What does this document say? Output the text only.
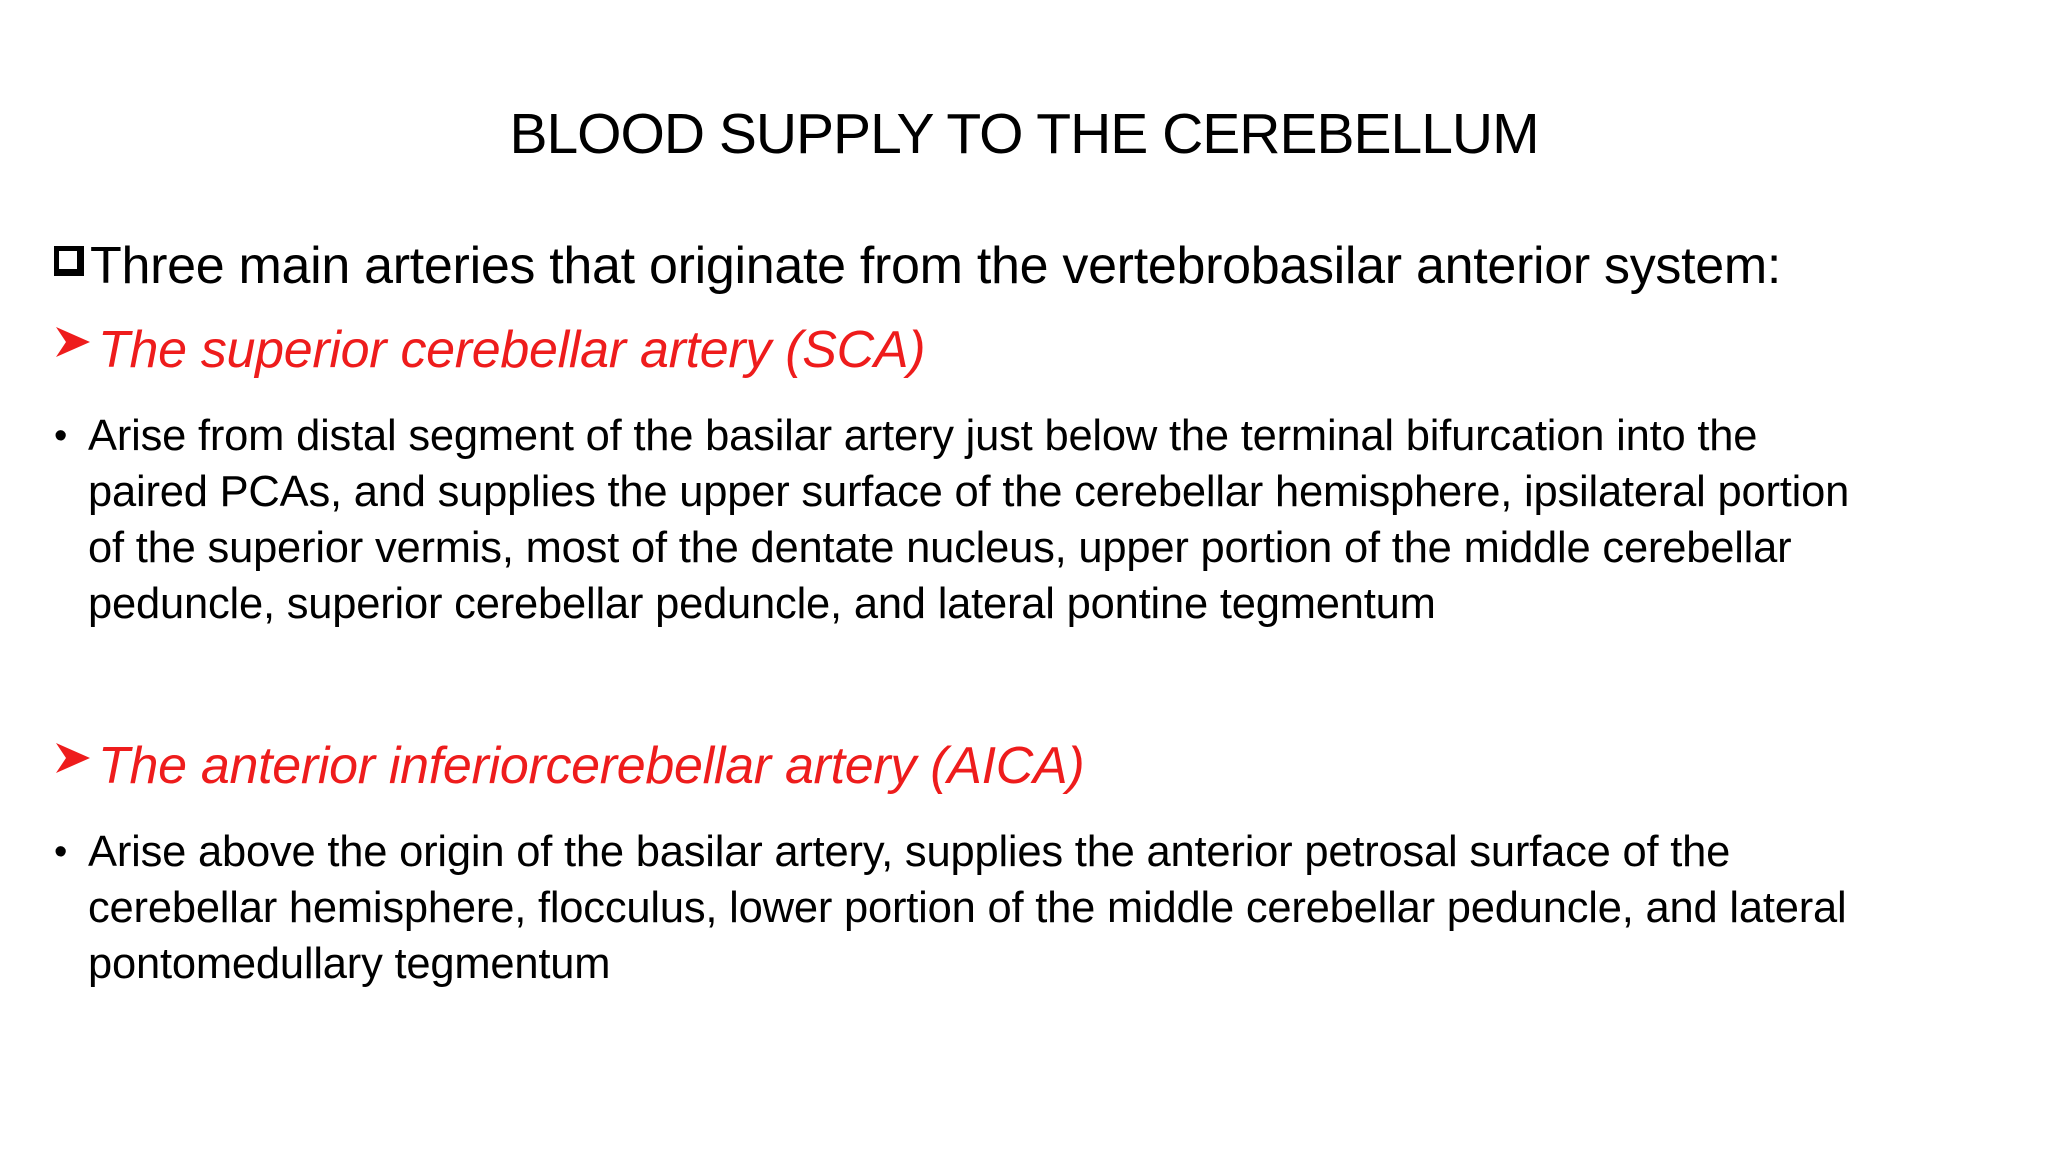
BLOOD SUPPLY TO THE CEREBELLUM
Three main arteries that originate from the vertebrobasilar anterior system:
The superior cerebellar artery (SCA)
• Arise from distal segment of the basilar artery just below the terminal bifurcation into the
paired PCAs, and supplies the upper surface of the cerebellar hemisphere, ipsilateral portion
of the superior vermis, most of the dentate nucleus, upper portion of the middle cerebellar
peduncle, superior cerebellar peduncle, and lateral pontine tegmentum
The anterior inferiorcerebellar artery (AICA)
• Arise above the origin of the basilar artery, supplies the anterior petrosal surface of the
cerebellar hemisphere, flocculus, lower portion of the middle cerebellar peduncle, and lateral
pontomedullary tegmentum
